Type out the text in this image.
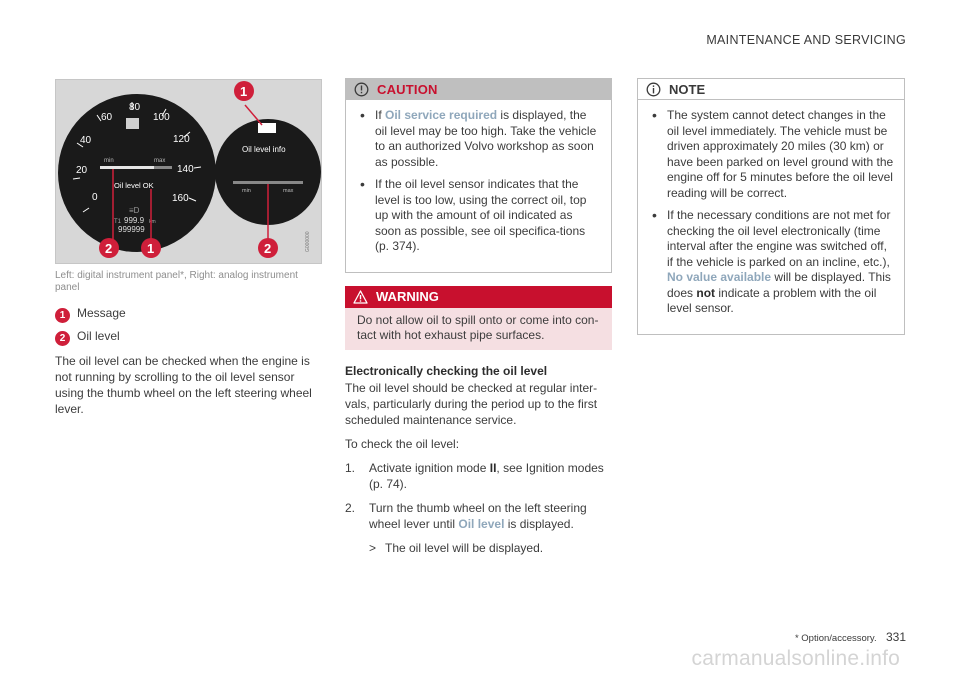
MAINTENANCE AND SERVICING
0
20
40
60
80
100
120
140
160
min	max
Oil level OK
≡D
T1 999.9 km
999999
Oil level info
min	max
1
2	1	2	G000000
Left: digital instrument panel*, Right: analog instrument panel
1 Message
2 Oil level

The oil level can be checked when the engine is not running by scrolling to the oil level sensor using the thumb wheel on the left steering wheel lever.

CAUTION
• If Oil service required is displayed, the oil level may be too high. Take the vehicle to an authorized Volvo workshop as soon as possible.
• If the oil level sensor indicates that the level is too low, using the correct oil, top up with the amount of oil indicated as soon as possible, see oil specifica-tions (p. 374).
WARNING
Do not allow oil to spill onto or come into con-tact with hot exhaust pipe surfaces.
Electronically checking the oil level

The oil level should be checked at regular inter-vals, particularly during the period up to the first scheduled maintenance service.

To check the oil level:

1.	Activate ignition mode II, see Ignition modes (p. 74).
2.	Turn the thumb wheel on the left steering wheel lever until Oil level is displayed.
> The oil level will be displayed.
NOTE
• The system cannot detect changes in the oil level immediately. The vehicle must be driven approximately 20 miles (30 km) or have been parked on level ground with the engine off for 5 minutes before the oil level reading will be correct.
• If the necessary conditions are not met for checking the oil level electronically (time interval after the engine was switched off, if the vehicle is parked on an incline, etc.), No value available will be displayed. This does not indicate a problem with the oil level sensor.
* Option/accessory. 331
carmanualsonline.info
